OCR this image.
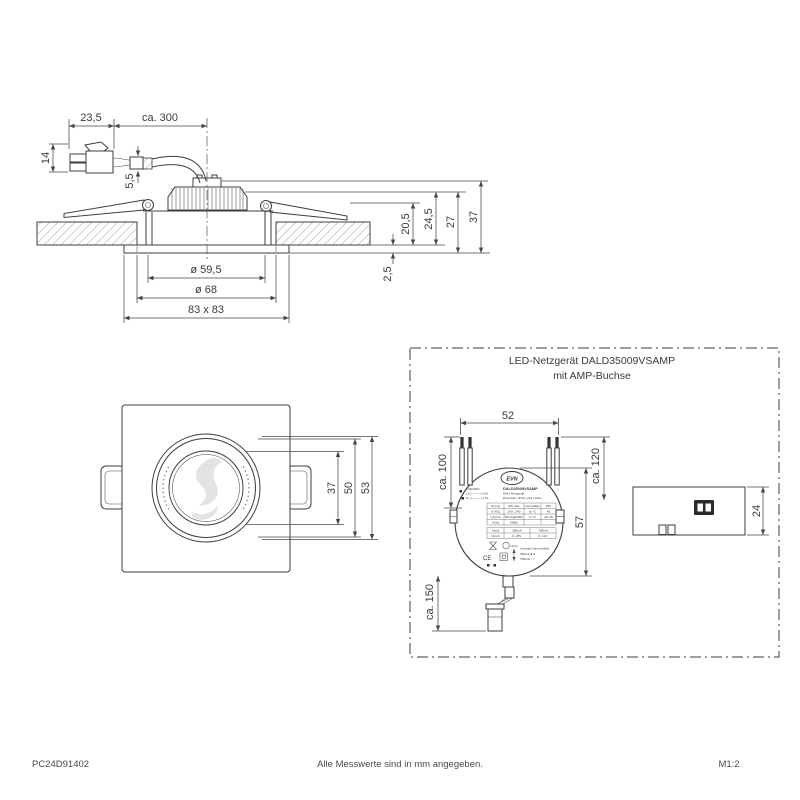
23,5	ca. 300
14
5,5
20,5 24,5 27 37
2,5
ø 59,5
ø 68
83 x 83
37 50 53
LED-Netzgerät DALD35009VSAMP
mit AMP-Buchse
52
ca. 100	ca. 120
57
ca. 150
EVN
PUSH2DIM
L (+) ——— (+) DA
N (–) ——— (–) DA
DALD35009VSAMP
DALI-Netzgerät
Dimmbar | IP20 | 219 | DALI
P(out)	9W max U(out)Max 25V
U (AC) 200...240	ta °C	45
I (A)rms 50mA@230V	tc °C	20..45
f (Hz)	50/60
I(out)	350mA	700mA
U(out)	6..25V	6..12V
CE
U(out) Auswahl Stromstärke
350mA ● ●
700mA ○ ○
24
PC24D91402	Alle Messwerte sind in mm angegeben.	M1:2
